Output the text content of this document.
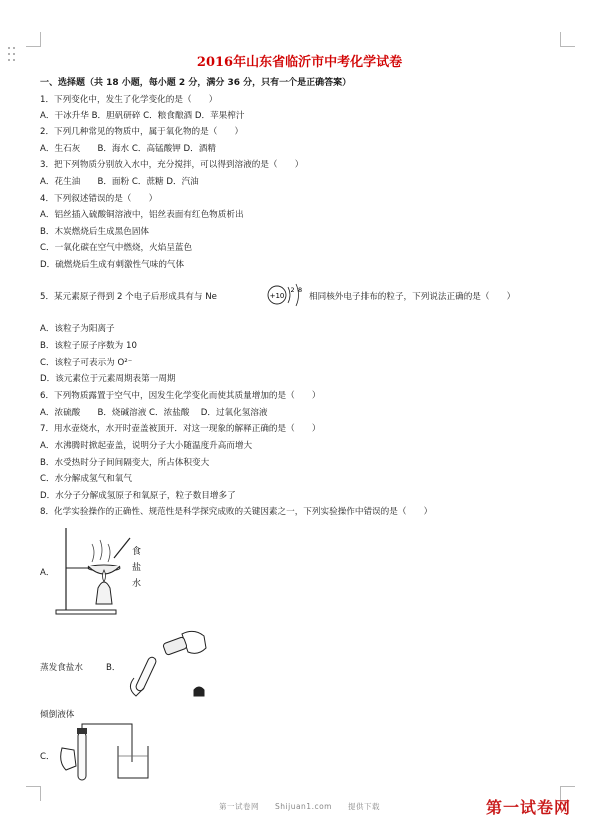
2016年山东省临沂市中考化学试卷
一、选择题（共 18 小题，每小题 2 分，满分 36 分，只有一个是正确答案）
1．下列变化中，发生了化学变化的是（　　）
A．干冰升华 B．胆矾研碎 C．粮食酿酒 D．苹果榨汁
2．下列几种常见的物质中，属于氧化物的是（　　）
A．生石灰　　B．海水 C．高锰酸钾 D．酒精
3．把下列物质分别放入水中，充分搅拌，可以得到溶液的是（　　）
A．花生油　　B．面粉 C．蔗糖 D．汽油
4．下列叙述错误的是（　　）
A．铝丝插入硫酸铜溶液中，铝丝表面有红色物质析出
B．木炭燃烧后生成黑色固体
C．一氧化碳在空气中燃烧，火焰呈蓝色
D．硫燃烧后生成有刺激性气味的气体
5．某元素原子得到 2 个电子后形成具有与 Ne	+10
2 8
相同核外电子排布的粒子，下列说法正确的是（　　）
A．该粒子为阳离子
B．该粒子原子序数为 10
C．该粒子可表示为 O²⁻
D．该元素位于元素周期表第一周期
6．下列物质露置于空气中，因发生化学变化而使其质量增加的是（　　）
A．浓硫酸　　B．烧碱溶液 C．浓盐酸　 D．过氧化氢溶液
7．用水壶烧水，水开时壶盖被顶开．对这一现象的解释正确的是（　　）
A．水沸腾时掀起壶盖，说明分子大小随温度升高而增大
B．水受热时分子间间隔变大，所占体积变大
C．水分解成氢气和氧气
D．水分子分解成氢原子和氧原子，粒子数目增多了
8．化学实验操作的正确性、规范性是科学探究成败的关键因素之一，下列实验操作中错误的是（　　）
A．
食
盐
水
蒸发食盐水	B．
倾倒液体
C．
第一试卷网　　Shijuan1.com　　提供下载	第一试卷网
